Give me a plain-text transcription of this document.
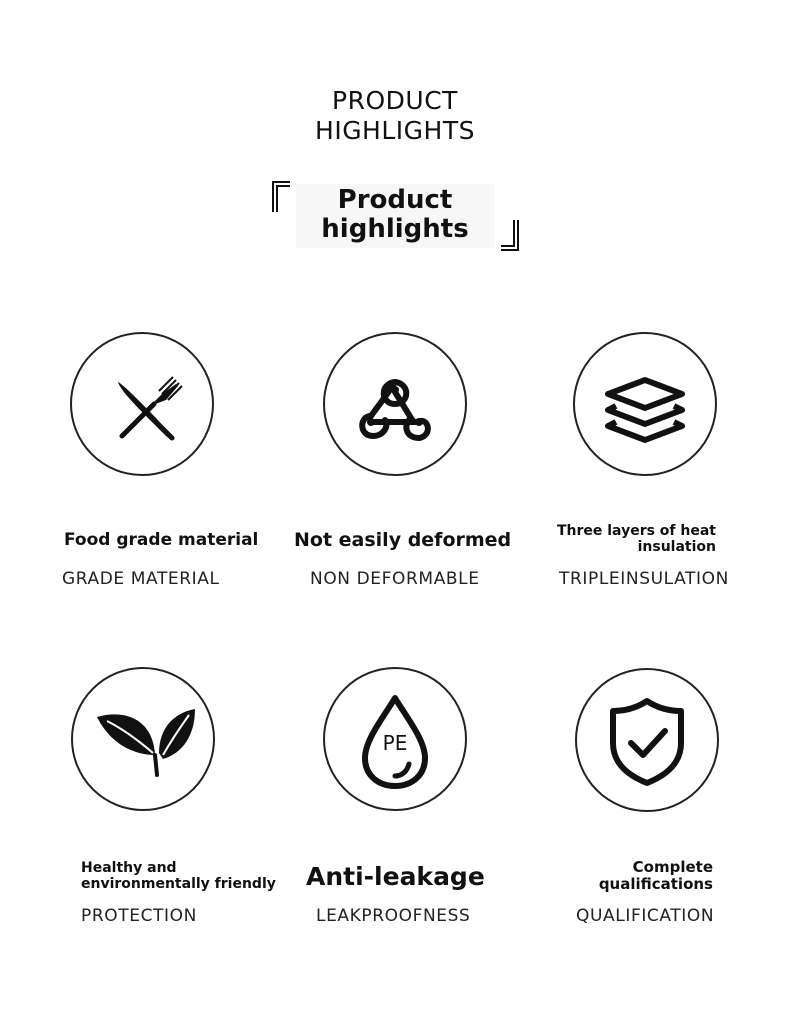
PRODUCT
HIGHLIGHTS
Product
highlights
Food grade material
GRADE MATERIAL
Not easily deformed
NON DEFORMABLE
Three layers of heat
insulation
TRIPLEINSULATION
Healthy and
environmentally friendly
PROTECTION
PE
Anti-leakage
LEAKPROOFNESS
Complete
qualifications
QUALIFICATION
